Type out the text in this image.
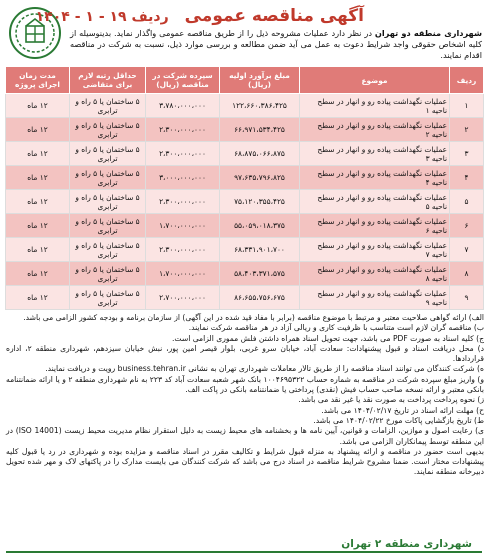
آگهی مناقصه عمومی ردیف ۱۹ - ۱ - ۱۴۰۴
شهرداری منطقه دو تهران در نظر دارد عملیات مشروحه ذیل را از طریق مناقصه عمومی واگذار نماید. بدینوسیله از کلیه اشخاص حقوقی واجد شرایط دعوت به عمل می آید ضمن مطالعه و بررسی موارد ذیل، نسبت به شرکت در مناقصه اقدام نمایند.
ردیف	موضوع	مبلغ برآورد اولیه (ریال)	سپرده شرکت در مناقصه (ریال)	حداقل رتبه لازم برای متقاضی	مدت زمان اجرای پروژه
۱	عملیات نگهداشت پیاده رو و انهار در سطح ناحیه ۱	۱۲۲،۶۶۰،۳۸۶،۴۲۵	۳،۷۸۰،۰۰۰،۰۰۰	۵ ساختمان یا ۵ راه و ترابری	۱۲ ماه
۲	عملیات نگهداشت پیاده رو و انهار در سطح ناحیه ۲	۶۶،۹۷۱،۵۳۴،۴۲۵	۲،۳۰۰،۰۰۰،۰۰۰	۵ ساختمان یا ۵ راه و ترابری	۱۲ ماه
۳	عملیات نگهداشت پیاده رو و انهار در سطح ناحیه ۳	۶۸،۸۷۵،۰۶۶،۸۷۵	۲،۳۰۰،۰۰۰،۰۰۰	۵ ساختمان یا ۵ راه و ترابری	۱۲ ماه
۴	عملیات نگهداشت پیاده رو و انهار در سطح ناحیه ۴	۹۷،۶۳۵،۷۹۶،۸۲۵	۳،۰۰۰،۰۰۰،۰۰۰	۵ ساختمان یا ۵ راه و ترابری	۱۲ ماه
۵	عملیات نگهداشت پیاده رو و انهار در سطح ناحیه ۵	۷۵،۱۲۰،۳۵۵،۴۲۵	۲،۳۰۰،۰۰۰،۰۰۰	۵ ساختمان یا ۵ راه و ترابری	۱۲ ماه
۶	عملیات نگهداشت پیاده رو و انهار در سطح ناحیه ۶	۵۵،۰۵۹،۰۱۸،۳۷۵	۱،۷۰۰،۰۰۰،۰۰۰	۵ ساختمان یا ۵ راه و ترابری	۱۲ ماه
۷	عملیات نگهداشت پیاده رو و انهار در سطح ناحیه ۷	۶۸،۳۳۱،۹۰۱،۷۰۰	۲،۳۰۰،۰۰۰،۰۰۰	۵ ساختمان یا ۵ راه و ترابری	۱۲ ماه
۸	عملیات نگهداشت پیاده رو و انهار در سطح ناحیه ۸	۵۸،۴۰۳،۳۷۱،۵۷۵	۱،۷۰۰،۰۰۰،۰۰۰	۵ ساختمان یا ۵ راه و ترابری	۱۲ ماه
۹	عملیات نگهداشت پیاده رو و انهار در سطح ناحیه ۹	۸۶،۶۵۵،۷۵۶،۶۷۵	۲،۷۰۰،۰۰۰،۰۰۰	۵ ساختمان یا ۵ راه و ترابری	۱۲ ماه

الف) ارائه گواهی صلاحیت معتبر و مرتبط با موضوع مناقصه (برابر با مفاد قید شده در این آگهی) از سازمان برنامه و بودجه کشور الزامی می باشد.

ب) مناقصه گران لازم است متناسب با ظرفیت کاری و ریالی آزاد در هر مناقصه شرکت نمایند.

ج) کلیه اسناد به صورت PDF می باشد، جهت تحویل اسناد همراه داشتن فلش مموری الزامی است.

د) محل دریافت اسناد و قبول پیشنهادات: سعادت آباد، خیابان سرو غربی، بلوار قیصر امین پور، نبش خیابان سیزدهم، شهرداری منطقه ۲، اداره قراردادها.

ه) شرکت کنندگان می توانند اسناد مناقصه را از طریق تالار معاملات شهرداری تهران به نشانی business.tehran.ir رویت و دریافت نمایند.

و) واریز مبلغ سپرده شرکت در مناقصه به شماره حساب ۱۰۰۴۶۹۵۳۲۲ بانک شهر شعبه سعادت آباد کد ۲۲۳ به نام شهرداری منطقه ۲ و یا ارائه ضمانتنامه بانکی معتبر و ارائه نسخه صاحب حساب فیش (نقدی) پرداختی یا ضمانتنامه بانکی در پاکت الف.

ز) نحوه پرداخت پرداخت به صورت نقد یا غیر نقد می باشد.

ح) مهلت ارائه اسناد در تاریخ ۱۴۰۴/۰۲/۱۷ می باشد.

ط) تاریخ بازگشایی پاکات مورخ ۱۴۰۴/۰۲/۲۲ می باشد.

ی) رعایت اصول و موازین، الزامات و قوانین، آیین نامه ها و بخشنامه های محیط زیست به دلیل استقرار نظام مدیریت محیط زیست (ISO 14001) در این منطقه توسط پیمانکاران الزامی می باشد.

بدیهی است حضور در مناقصه و ارائه پیشنهاد به منزله قبول شرایط و تکالیف مقرر در اسناد مناقصه و مزایده بوده و شهرداری در رد یا قبول کلیه پیشنهادات مختار است. ضمنا مشروح شرایط مناقصه در اسناد درج می باشد که شرکت کنندگان می بایست مدارک را در پاکتهای لاک و مهر شده تحویل دبیرخانه منطقه نمایند.

شهرداری منطقه ۲ تهران
